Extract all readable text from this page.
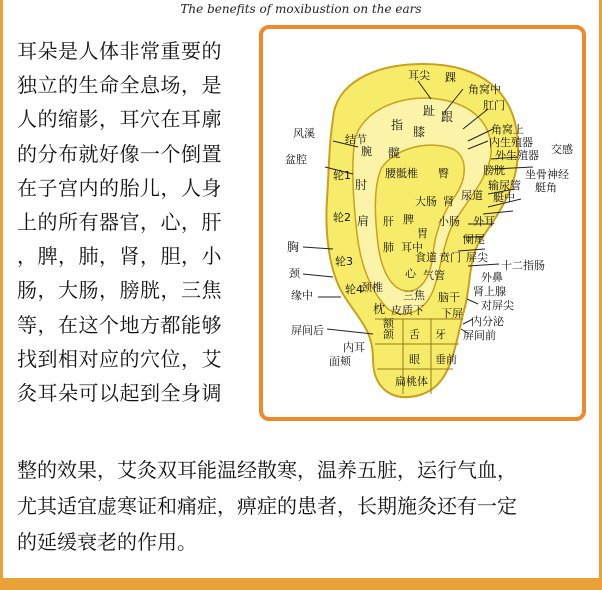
The benefits of moxibustion on the ears
耳朵是人体非常重要的
独立的生命全息场，是
人的缩影，耳穴在耳廓
的分布就好像一个倒置
在子宫内的胎儿，人身
上的所有器官，心，肝
，脾，肺，肾，胆，小
肠，大肠，膀胱，三焦
等，在这个地方都能够
找到相对应的穴位，艾
灸耳朵可以起到全身调
整的效果，艾灸双耳能温经散寒，温养五脏，运行气血，
尤其适宜虚寒证和痛症，痹症的患者，长期施灸还有一定
的延缓衰老的作用。
耳尖 踝
角窝中
肛门
趾 跟
角窝上
内生殖器
风溪
指 膝
外生殖器 交感
盆腔
结节
腕 髋
膀胱 坐骨神经
输尿管 艇角
腰骶椎 臀
艇中
尿道
肾
大肠
轮1
肘
小肠
阑尾
外耳
轮2 肩 肝 脾
胃
胸	肺 耳中
食道 贲门
十二指肠
轮3
颈	心 气管
屏尖
外鼻
肾上腺
缘中	轮4
颈椎
脑干
三焦
对屏尖
内分泌
皮质下
枕
额
下屏
屏间后	屏间前
颌 舌 牙
内耳
面颊	眼 垂前
扁桃体
